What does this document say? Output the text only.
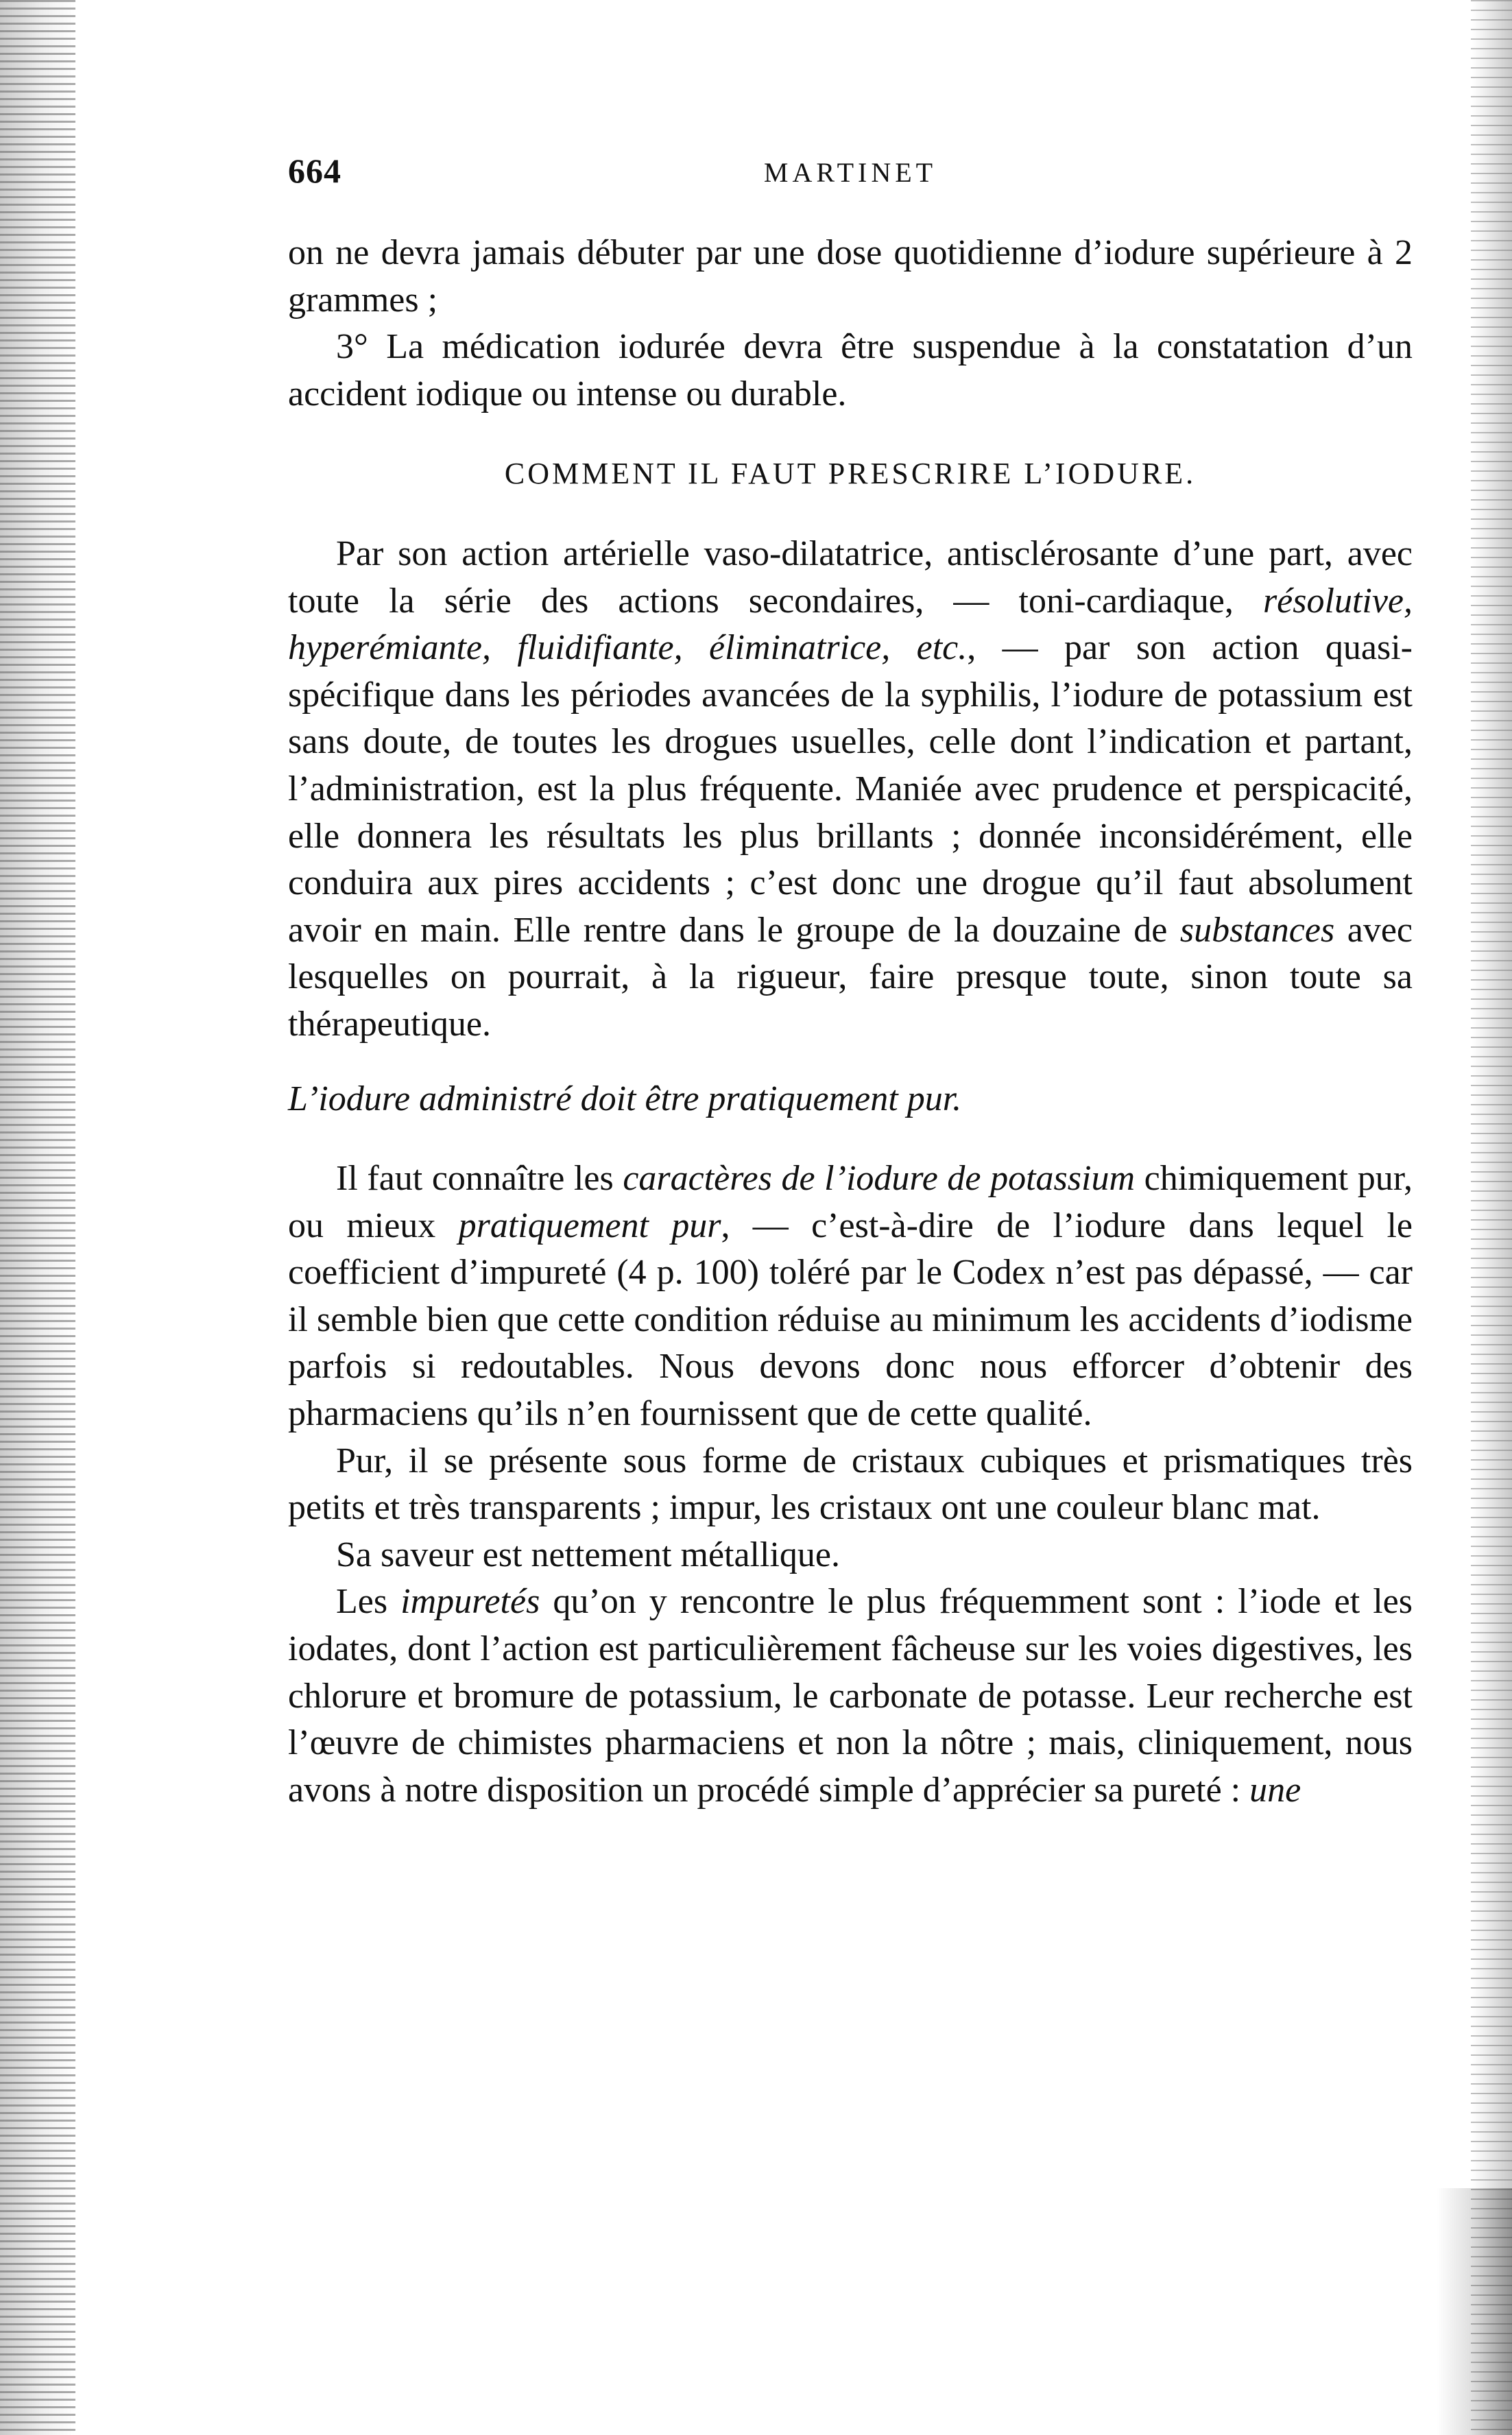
664	MARTINET

on ne devra jamais débuter par une dose quotidienne d’iodure supérieure à 2 grammes ;

3° La médication iodurée devra être suspendue à la constatation d’un accident iodique ou intense ou durable.

COMMENT IL FAUT PRESCRIRE L’IODURE.

Par son action artérielle vaso-dilatatrice, antisclérosante d’une part, avec toute la série des actions secondaires, — toni-cardiaque, résolutive, hyperémiante, fluidifiante, éliminatrice, etc., — par son action quasi-spécifique dans les périodes avancées de la syphilis, l’iodure de potassium est sans doute, de toutes les drogues usuelles, celle dont l’indication et partant, l’administration, est la plus fréquente. Maniée avec prudence et perspicacité, elle donnera les résultats les plus brillants ; donnée inconsidérément, elle conduira aux pires accidents ; c’est donc une drogue qu’il faut absolument avoir en main. Elle rentre dans le groupe de la douzaine de substances avec lesquelles on pourrait, à la rigueur, faire presque toute, sinon toute sa thérapeutique.

L’iodure administré doit être pratiquement pur.

Il faut connaître les caractères de l’iodure de potassium chimiquement pur, ou mieux pratiquement pur, — c’est-à-dire de l’iodure dans lequel le coefficient d’impureté (4 p. 100) toléré par le Codex n’est pas dépassé, — car il semble bien que cette condition réduise au minimum les accidents d’iodisme parfois si redoutables. Nous devons donc nous efforcer d’obtenir des pharmaciens qu’ils n’en fournissent que de cette qualité.

Pur, il se présente sous forme de cristaux cubiques et prismatiques très petits et très transparents ; impur, les cristaux ont une couleur blanc mat.

Sa saveur est nettement métallique.

Les impuretés qu’on y rencontre le plus fréquemment sont : l’iode et les iodates, dont l’action est particulièrement fâcheuse sur les voies digestives, les chlorure et bromure de potassium, le carbonate de potasse. Leur recherche est l’œuvre de chimistes pharmaciens et non la nôtre ; mais, cliniquement, nous avons à notre disposition un procédé simple d’apprécier sa pureté : une
